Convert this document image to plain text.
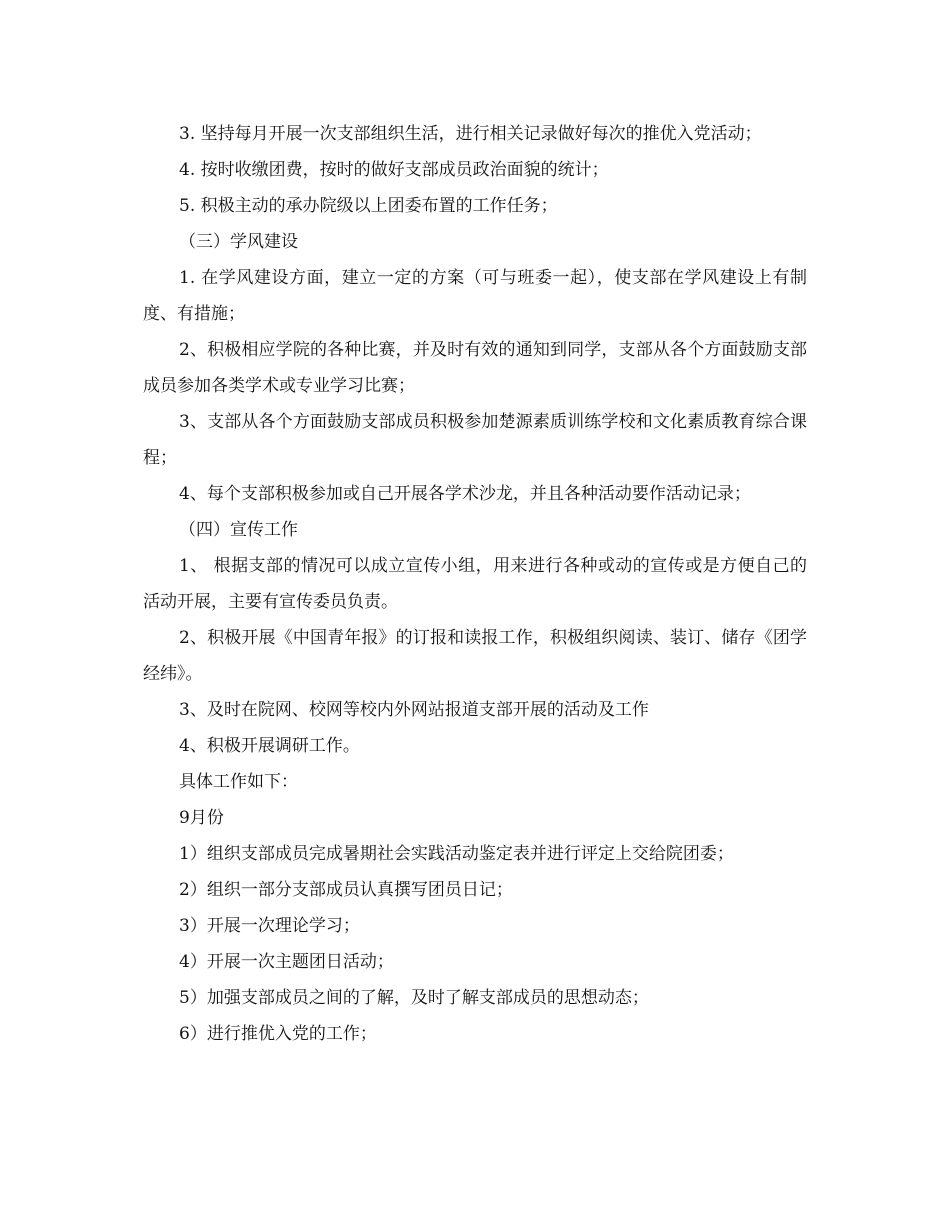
3. 坚持每月开展一次支部组织生活，进行相关记录做好每次的推优入党活动；

4. 按时收缴团费，按时的做好支部成员政治面貌的统计；

5. 积极主动的承办院级以上团委布置的工作任务；

（三）学风建设

1. 在学风建设方面，建立一定的方案（可与班委一起），使支部在学风建设上有制度、有措施；

2、积极相应学院的各种比赛，并及时有效的通知到同学，支部从各个方面鼓励支部成员参加各类学术或专业学习比赛；

3、支部从各个方面鼓励支部成员积极参加楚源素质训练学校和文化素质教育综合课程；

4、每个支部积极参加或自己开展各学术沙龙，并且各种活动要作活动记录；

（四）宣传工作

1、 根据支部的情况可以成立宣传小组，用来进行各种或动的宣传或是方便自己的活动开展，主要有宣传委员负责。

2、积极开展《中国青年报》的订报和读报工作，积极组织阅读、装订、储存《团学经纬》。

3、及时在院网、校网等校内外网站报道支部开展的活动及工作

4、积极开展调研工作。

具体工作如下：

9月份

1）组织支部成员完成暑期社会实践活动鉴定表并进行评定上交给院团委；

2）组织一部分支部成员认真撰写团员日记；

3）开展一次理论学习；

4）开展一次主题团日活动；

5）加强支部成员之间的了解，及时了解支部成员的思想动态；

6）进行推优入党的工作；
